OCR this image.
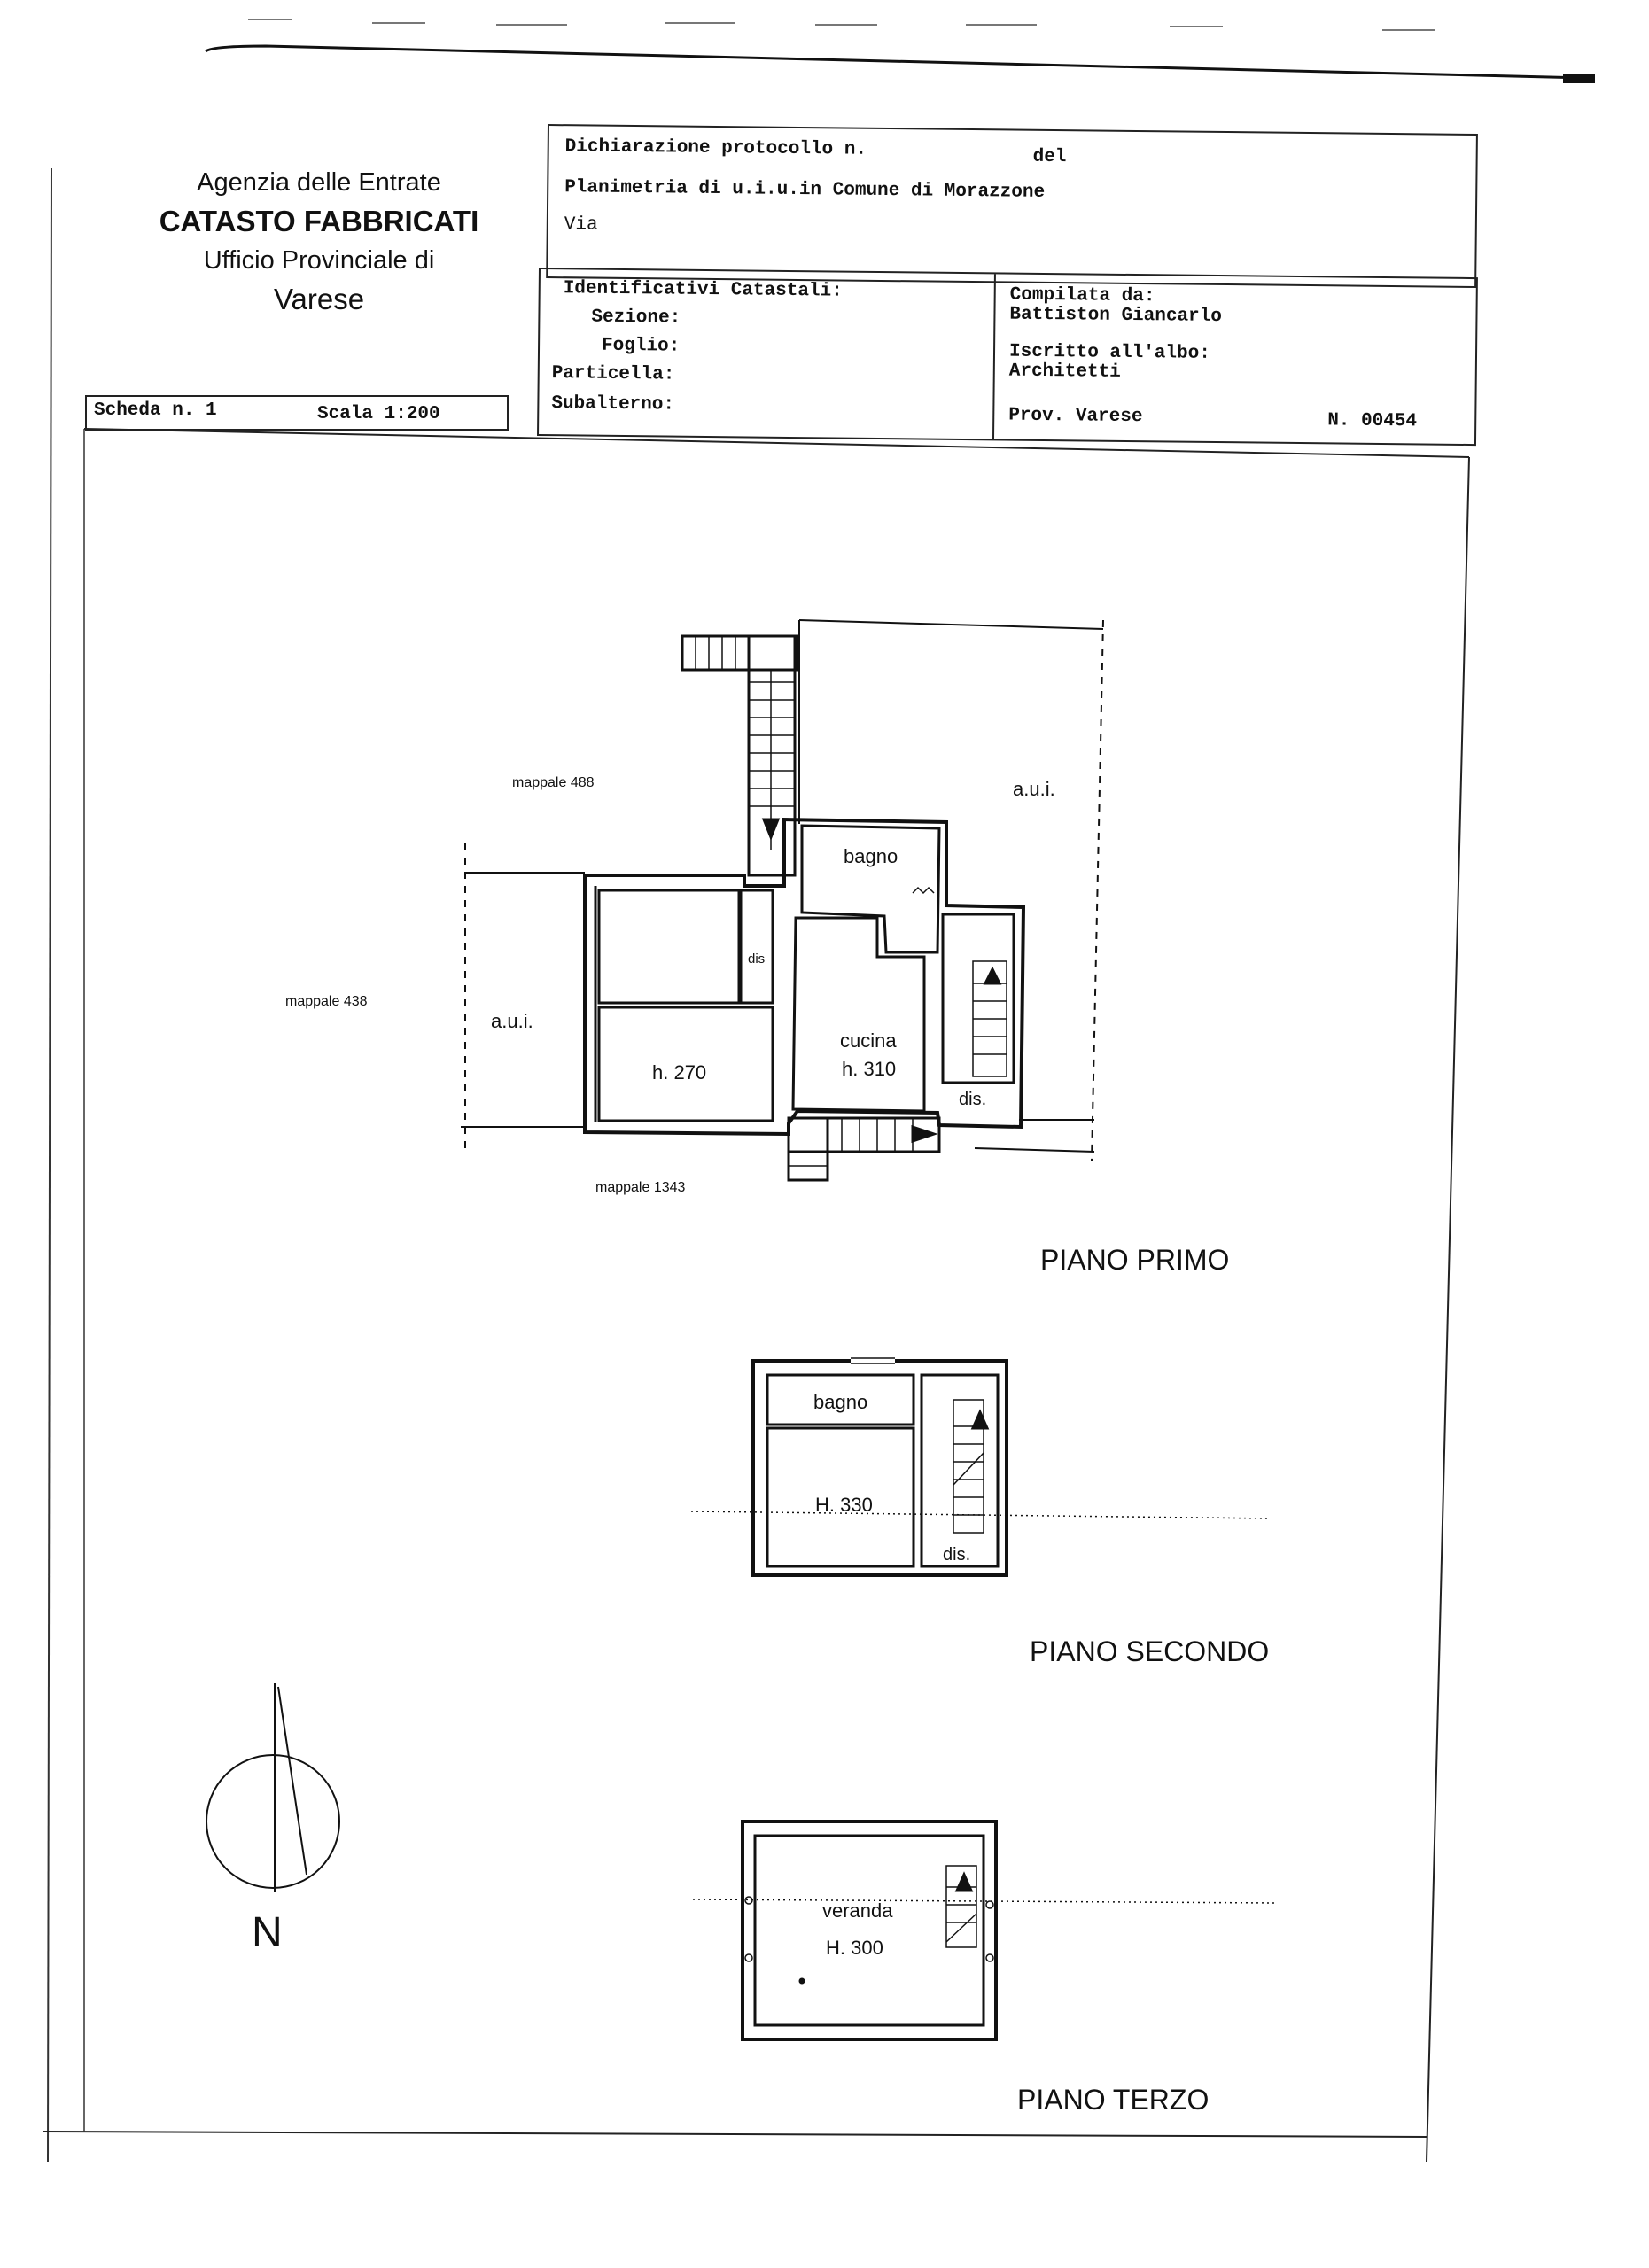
Agenzia delle Entrate
CATASTO FABBRICATI
Ufficio Provinciale di
Varese
Dichiarazione protocollo n.	del
Planimetria di u.i.u.in Comune di Morazzone
Via
Identificativi Catastali:
Sezione:
Foglio:
Particella:
Subalterno:
Compilata da:
Battiston Giancarlo
Iscritto all'albo:
Architetti
Prov. Varese	N. 00454
Scheda n. 1	Scala 1:200
mappale 488
mappale 438
mappale 1343
a.u.i.
a.u.i.
bagno
dis
dis.
cucina
h. 310
h. 270
PIANO PRIMO
bagno
H. 330
dis.
PIANO SECONDO
veranda
H. 300
PIANO TERZO
N
